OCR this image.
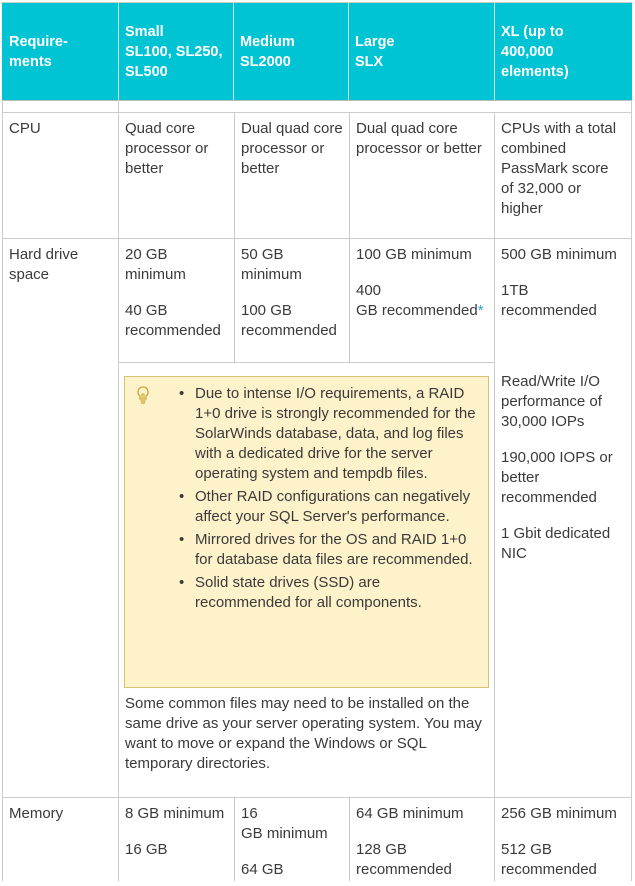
Require-
ments
Small
SL100, SL250,
SL500
Medium
SL2000
Large
SLX
XL (up to
400,000
elements)

CPU	Quad core processor or better

Dual quad core processor or better

Dual quad core processor or better

CPUs with a total combined PassMark score of 32,000 or higher

Hard drive space

20 GB minimum

40 GB recommended

50 GB minimum

100 GB recommended

100 GB minimum

400
GB recommended*

500 GB minimum

1TB recommended

Read/Write I/O performance of 30,000 IOPs

190,000 IOPS or better recommended

1 Gbit dedicated NIC

• Due to intense I/O requirements, a RAID 1+0 drive is strongly recommended for the SolarWinds database, data, and log files with a dedicated drive for the server operating system and tempdb files.
• Other RAID configurations can negatively affect your SQL Server's performance.
• Mirrored drives for the OS and RAID 1+0 for database data files are recommended.
• Solid state drives (SSD) are recommended for all components.

Some common files may need to be installed on the same drive as your server operating system. You may want to move or expand the Windows or SQL temporary directories.

Memory	8 GB minimum

16 GB

16
GB minimum

64 GB

64 GB minimum

128 GB recommended

256 GB minimum

512 GB recommended
